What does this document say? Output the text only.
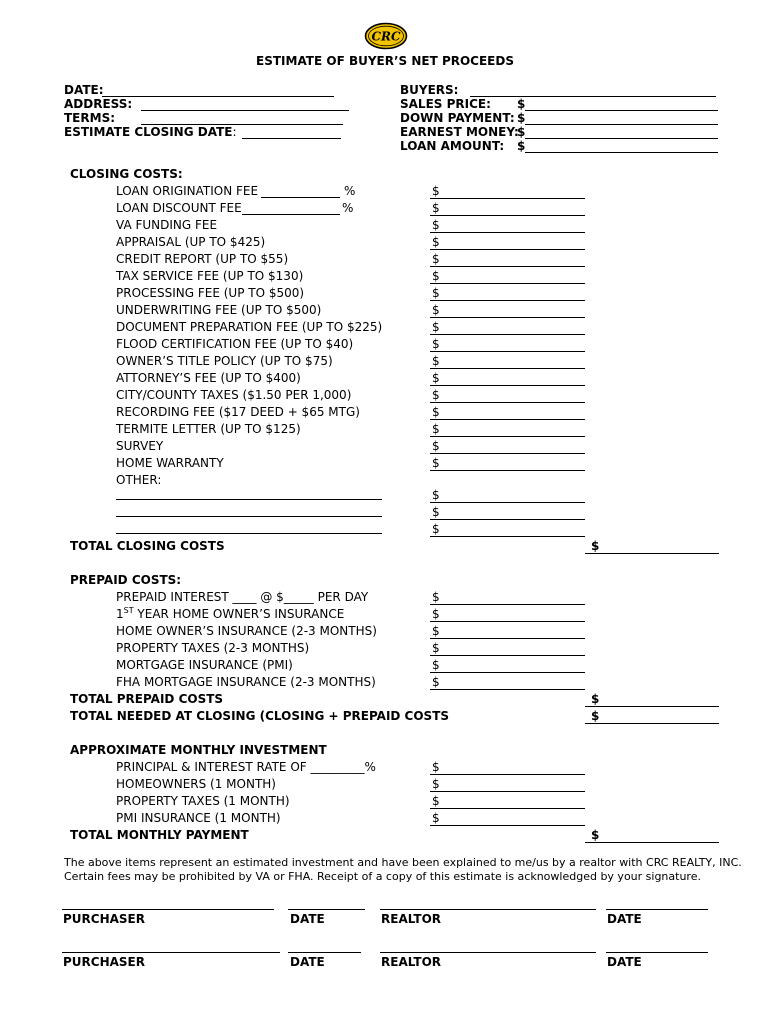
CRC
ESTIMATE OF BUYER’S NET PROCEEDS
DATE:
ADDRESS:
TERMS:
ESTIMATE CLOSING DATE:
BUYERS:
SALES PRICE: $
DOWN PAYMENT: $
EARNEST MONEY:
$
LOAN AMOUNT: $
CLOSING COSTS:
LOAN ORIGINATION FEE	%	$
LOAN DISCOUNT FEE	%	$
VA FUNDING FEE	$
APPRAISAL (UP TO $425)	$
CREDIT REPORT (UP TO $55)	$
TAX SERVICE FEE (UP TO $130)	$
PROCESSING FEE (UP TO $500)	$
UNDERWRITING FEE (UP TO $500)	$
DOCUMENT PREPARATION FEE (UP TO $225)	$
FLOOD CERTIFICATION FEE (UP TO $40)	$
OWNER’S TITLE POLICY (UP TO $75)	$
ATTORNEY’S FEE (UP TO $400)	$
CITY/COUNTY TAXES ($1.50 PER 1,000)	$
RECORDING FEE ($17 DEED + $65 MTG)	$
TERMITE LETTER (UP TO $125)	$
SURVEY	$
HOME WARRANTY	$
OTHER:
$
$
$
TOTAL CLOSING COSTS	$
PREPAID COSTS:
PREPAID INTEREST ____ @ $_____ PER DAY	$
1ST YEAR HOME OWNER’S INSURANCE	$
HOME OWNER’S INSURANCE (2-3 MONTHS)	$
PROPERTY TAXES (2-3 MONTHS)	$
MORTGAGE INSURANCE (PMI)	$
FHA MORTGAGE INSURANCE (2-3 MONTHS)	$
TOTAL PREPAID COSTS	$
TOTAL NEEDED AT CLOSING (CLOSING + PREPAID COSTS	$
APPROXIMATE MONTHLY INVESTMENT
PRINCIPAL & INTEREST RATE OF _________%	$
HOMEOWNERS (1 MONTH)	$
PROPERTY TAXES (1 MONTH)	$
PMI INSURANCE (1 MONTH)	$
TOTAL MONTHLY PAYMENT	$
The above items represent an estimated investment and have been explained to me/us by a realtor with CRC REALTY, INC.
Certain fees may be prohibited by VA or FHA. Receipt of a copy of this estimate is acknowledged by your signature.
PURCHASER	DATE	REALTOR	DATE
PURCHASER	DATE	REALTOR	DATE
